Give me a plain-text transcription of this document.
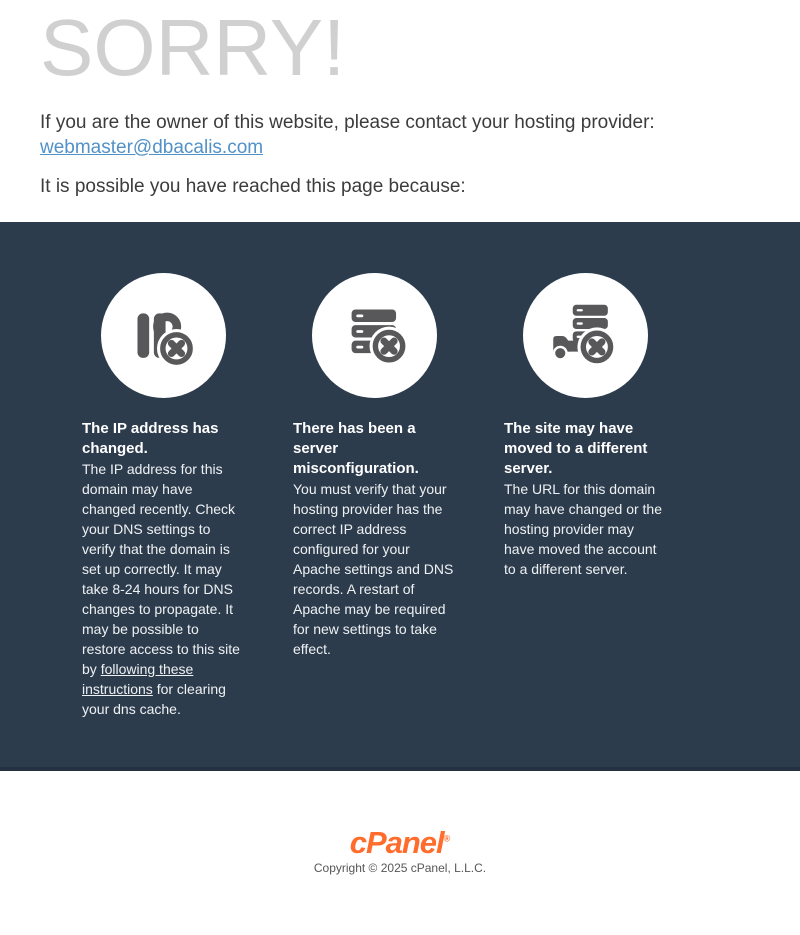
SORRY!

If you are the owner of this website, please contact your hosting provider:
webmaster@dbacalis.com

It is possible you have reached this page because:

The IP address has changed.

The IP address for this domain may have changed recently. Check your DNS settings to verify that the domain is set up correctly. It may take 8-24 hours for DNS changes to propagate. It may be possible to restore access to this site by following these instructions for clearing your dns cache.

There has been a server misconfiguration.

You must verify that your hosting provider has the correct IP address configured for your Apache settings and DNS records. A restart of Apache may be required for new settings to take effect.

The site may have moved to a different server.

The URL for this domain may have changed or the hosting provider may have moved the account to a different server.

cPanel®
Copyright © 2025 cPanel, L.L.C.
